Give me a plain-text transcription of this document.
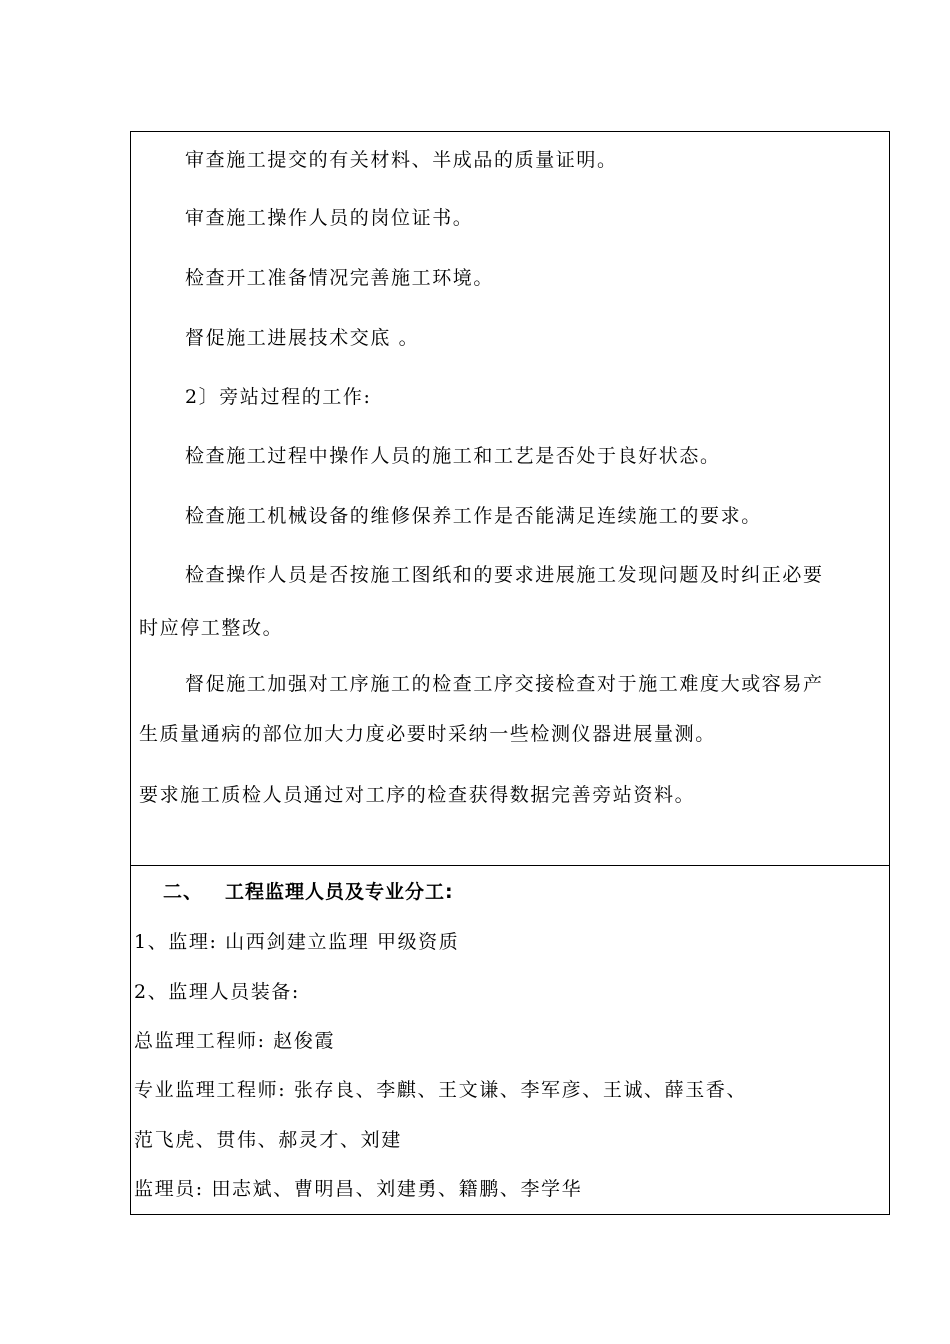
审查施工提交的有关材料、半成品的质量证明。
审查施工操作人员的岗位证书。
检查开工准备情况完善施工环境。
督促施工进展技术交底 。
2〕旁站过程的工作:
检查施工过程中操作人员的施工和工艺是否处于良好状态。
检查施工机械设备的维修保养工作是否能满足连续施工的要求。
检查操作人员是否按施工图纸和的要求进展施工发现问题及时纠正必要
时应停工整改。
督促施工加强对工序施工的检查工序交接检查对于施工难度大或容易产
生质量通病的部位加大力度必要时采纳一些检测仪器进展量测。
要求施工质检人员通过对工序的检查获得数据完善旁站资料。
二、 工程监理人员及专业分工:
1、监理: 山西剑建立监理 甲级资质
2、监理人员装备:
总监理工程师: 赵俊霞
专业监理工程师: 张存良、李麒、王文谦、李军彦、王诚、薛玉香、
范飞虎、贯伟、郝灵才、刘建
监理员: 田志斌、曹明昌、刘建勇、籍鹏、李学华
